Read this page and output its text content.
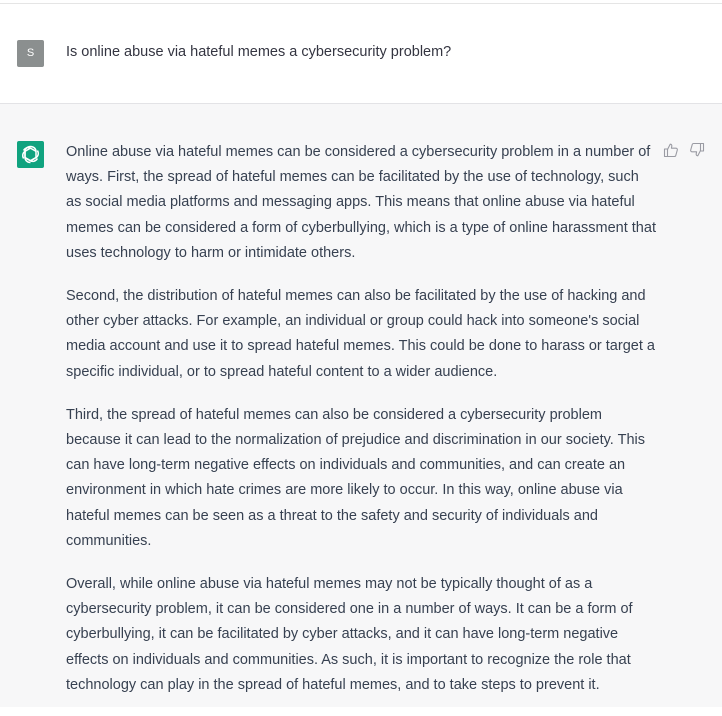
S	Is online abuse via hateful memes a cybersecurity problem?

Online abuse via hateful memes can be considered a cybersecurity problem in a number of ways. First, the spread of hateful memes can be facilitated by the use of technology, such as social media platforms and messaging apps. This means that online abuse via hateful memes can be considered a form of cyberbullying, which is a type of online harassment that uses technology to harm or intimidate others.

Second, the distribution of hateful memes can also be facilitated by the use of hacking and other cyber attacks. For example, an individual or group could hack into someone's social media account and use it to spread hateful memes. This could be done to harass or target a specific individual, or to spread hateful content to a wider audience.

Third, the spread of hateful memes can also be considered a cybersecurity problem because it can lead to the normalization of prejudice and discrimination in our society. This can have long-term negative effects on individuals and communities, and can create an environment in which hate crimes are more likely to occur. In this way, online abuse via hateful memes can be seen as a threat to the safety and security of individuals and communities.

Overall, while online abuse via hateful memes may not be typically thought of as a cybersecurity problem, it can be considered one in a number of ways. It can be a form of cyberbullying, it can be facilitated by cyber attacks, and it can have long-term negative effects on individuals and communities. As such, it is important to recognize the role that technology can play in the spread of hateful memes, and to take steps to prevent it.
